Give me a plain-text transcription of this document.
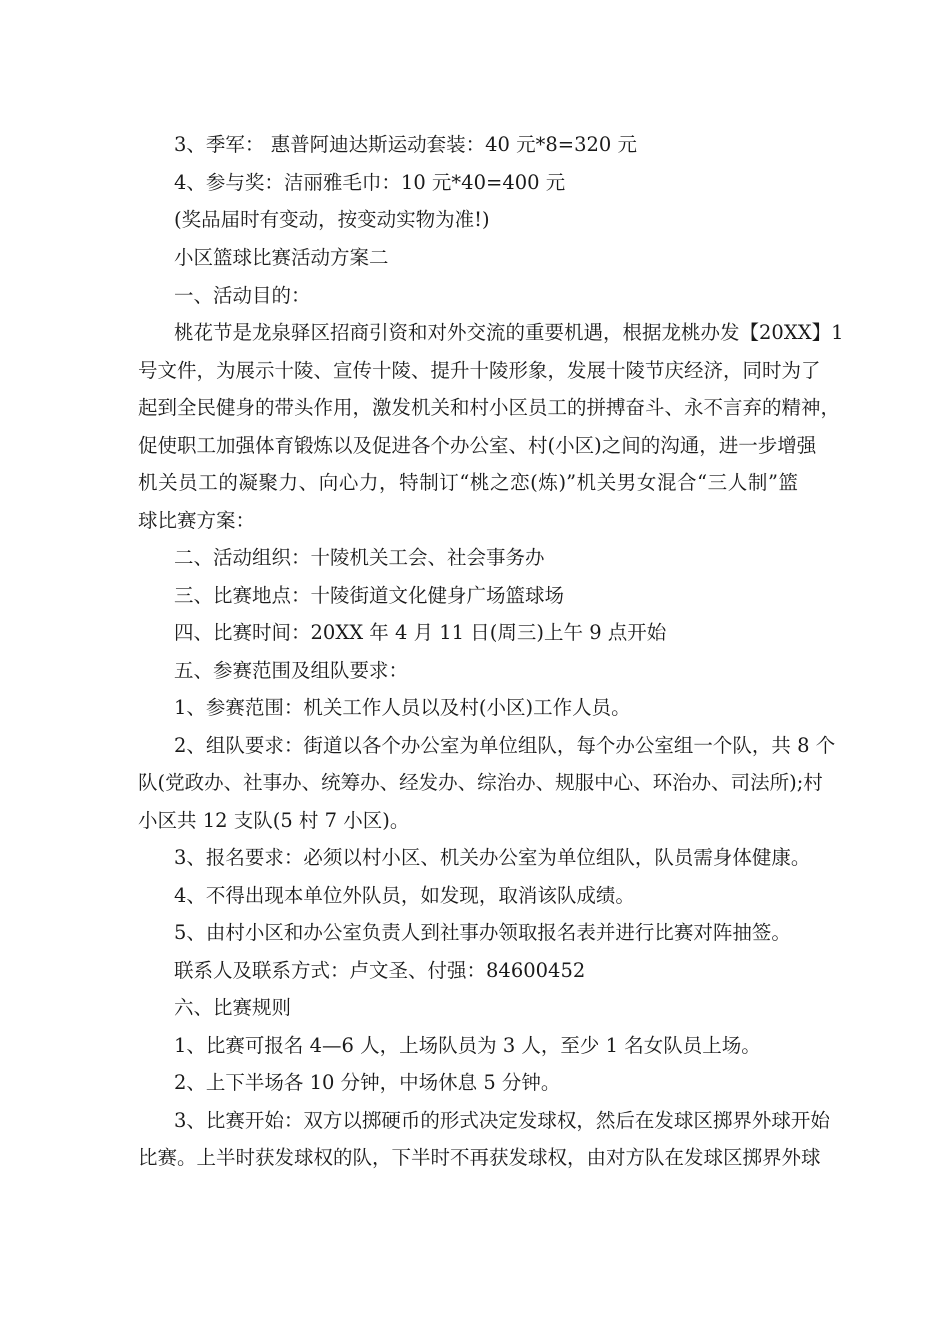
3、季军： 惠普阿迪达斯运动套装：40 元*8=320 元
4、参与奖：洁丽雅毛巾：10 元*40=400 元
(奖品届时有变动，按变动实物为准!)
小区篮球比赛活动方案二
一、活动目的：
桃花节是龙泉驿区招商引资和对外交流的重要机遇，根据龙桃办发【20XX】1
号文件，为展示十陵、宣传十陵、提升十陵形象，发展十陵节庆经济，同时为了
起到全民健身的带头作用，激发机关和村小区员工的拼搏奋斗、永不言弃的精神，
促使职工加强体育锻炼以及促进各个办公室、村(小区)之间的沟通，进一步增强
机关员工的凝聚力、向心力，特制订“桃之恋(炼)”机关男女混合“三人制”篮
球比赛方案：
二、活动组织：十陵机关工会、社会事务办
三、比赛地点：十陵街道文化健身广场篮球场
四、比赛时间：20XX 年 4 月 11 日(周三)上午 9 点开始
五、参赛范围及组队要求：
1、参赛范围：机关工作人员以及村(小区)工作人员。
2、组队要求：街道以各个办公室为单位组队，每个办公室组一个队，共 8 个
队(党政办、社事办、统筹办、经发办、综治办、规服中心、环治办、司法所);村
小区共 12 支队(5 村 7 小区)。
3、报名要求：必须以村小区、机关办公室为单位组队，队员需身体健康。
4、不得出现本单位外队员，如发现，取消该队成绩。
5、由村小区和办公室负责人到社事办领取报名表并进行比赛对阵抽签。
联系人及联系方式：卢文圣、付强：84600452
六、比赛规则
1、比赛可报名 4—6 人，上场队员为 3 人，至少 1 名女队员上场。
2、上下半场各 10 分钟，中场休息 5 分钟。
3、比赛开始：双方以掷硬币的形式决定发球权，然后在发球区掷界外球开始
比赛。上半时获发球权的队，下半时不再获发球权，由对方队在发球区掷界外球
